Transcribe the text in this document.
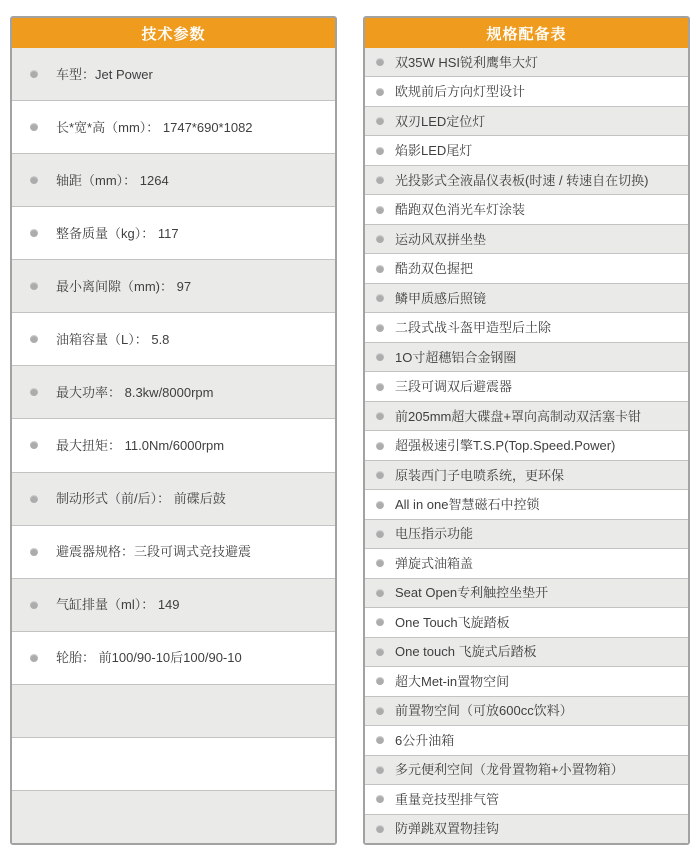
技术参数
车型：Jet Power
长*宽*高（mm）： 1747*690*1082
轴距（mm）： 1264
整备质量（kg）： 117
最小离间隙（mm)： 97
油箱容量（L）： 5.8
最大功率： 8.3kw/8000rpm
最大扭矩： 11.0Nm/6000rpm
制动形式（前/后）： 前碟后鼓
避震器规格：三段可调式竞技避震
气缸排量（ml）： 149
轮胎： 前100/90-10后100/90-10
规格配备表
双35W HSI锐利鹰隼大灯
欧规前后方向灯型设计
双刃LED定位灯
焰影LED尾灯
光投影式全液晶仪表板(时速 / 转速自在切换)
酷跑双色消光车灯涂装
运动风双拼坐垫
酷劲双色握把
鳞甲质感后照镜
二段式战斗盔甲造型后土除
1O寸超穗铝合金钢圈
三段可调双后避震器
前205mm超大碟盘+罩向高制动双活塞卡钳
超强极速引擎T.S.P(Top.Speed.Power)
原装西门子电喷系统，更环保
All in one智慧磁石中控锁
电压指示功能
弹旋式油箱盖
Seat Open专利触控坐垫开
One Touch飞旋踏板
One touch 飞旋式后踏板
超大Met-in置物空间
前置物空间（可放600cc饮料）
6公升油箱
多元便利空间（龙骨置物箱+小置物箱）
重量竞技型排气管
防弹跳双置物挂钩
